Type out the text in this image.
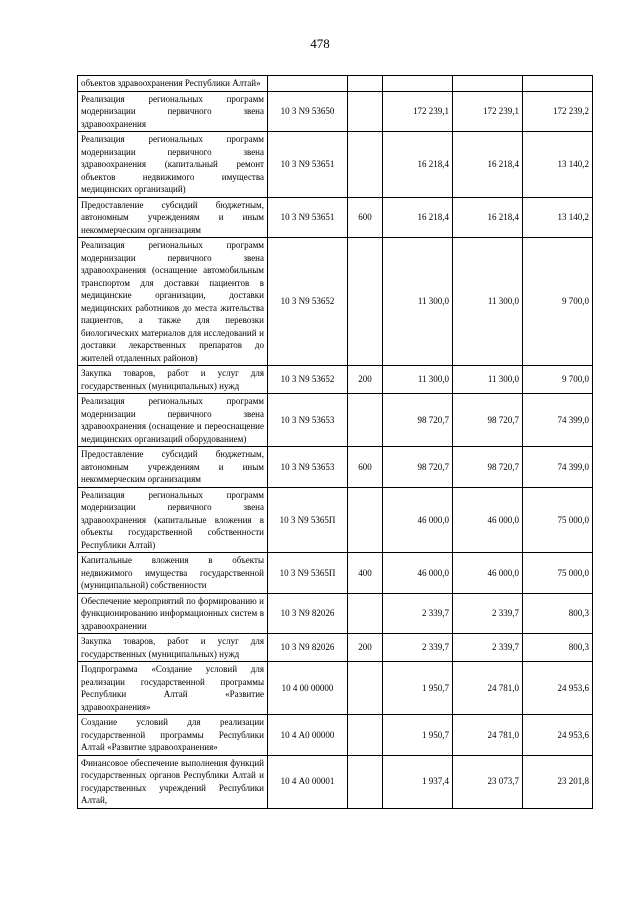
478
объектов здравоохранения Республики Алтай»					
Реализация региональных программ модернизации первичного звена здравоохранения	10 3 N9 53650		172 239,1	172 239,1	172 239,2
Реализация региональных программ модернизации первичного звена здравоохранения (капитальный ремонт объектов недвижимого имущества медицинских организаций)	10 3 N9 53651		16 218,4	16 218,4	13 140,2
Предоставление субсидий бюджетным, автономным учреждениям и иным некоммерческим организациям	10 3 N9 53651	600	16 218,4	16 218,4	13 140,2
Реализация региональных программ модернизации первичного звена здравоохранения (оснащение автомобильным транспортом для доставки пациентов в медицинские организации, доставки медицинских работников до места жительства пациентов, а также для перевозки биологических материалов для исследований и доставки лекарственных препаратов до жителей отдаленных районов)	10 3 N9 53652		11 300,0	11 300,0	9 700,0
Закупка товаров, работ и услуг для государственных (муниципальных) нужд	10 3 N9 53652	200	11 300,0	11 300,0	9 700,0
Реализация региональных программ модернизации первичного звена здравоохранения (оснащение и переоснащение медицинских организаций оборудованием)	10 3 N9 53653		98 720,7	98 720,7	74 399,0
Предоставление субсидий бюджетным, автономным учреждениям и иным некоммерческим организациям	10 3 N9 53653	600	98 720,7	98 720,7	74 399,0
Реализация региональных программ модернизации первичного звена здравоохранения (капитальные вложения в объекты государственной собственности Республики Алтай)	10 3 N9 5365П		46 000,0	46 000,0	75 000,0
Капитальные вложения в объекты недвижимого имущества государственной (муниципальной) собственности	10 3 N9 5365П	400	46 000,0	46 000,0	75 000,0
Обеспечение мероприятий по формированию и функционированию информационных систем в здравоохранении	10 3 N9 82026		2 339,7	2 339,7	800,3
Закупка товаров, работ и услуг для государственных (муниципальных) нужд	10 3 N9 82026	200	2 339,7	2 339,7	800,3
Подпрограмма «Создание условий для реализации государственной программы Республики Алтай «Развитие здравоохранения»	10 4 00 00000		1 950,7	24 781,0	24 953,6
Создание условий для реализации государственной программы Республики Алтай «Развитие здравоохранения»	10 4 А0 00000		1 950,7	24 781,0	24 953,6
Финансовое обеспечение выполнения функций государственных органов Республики Алтай и государственных учреждений Республики Алтай,	10 4 А0 00001		1 937,4	23 073,7	23 201,8
